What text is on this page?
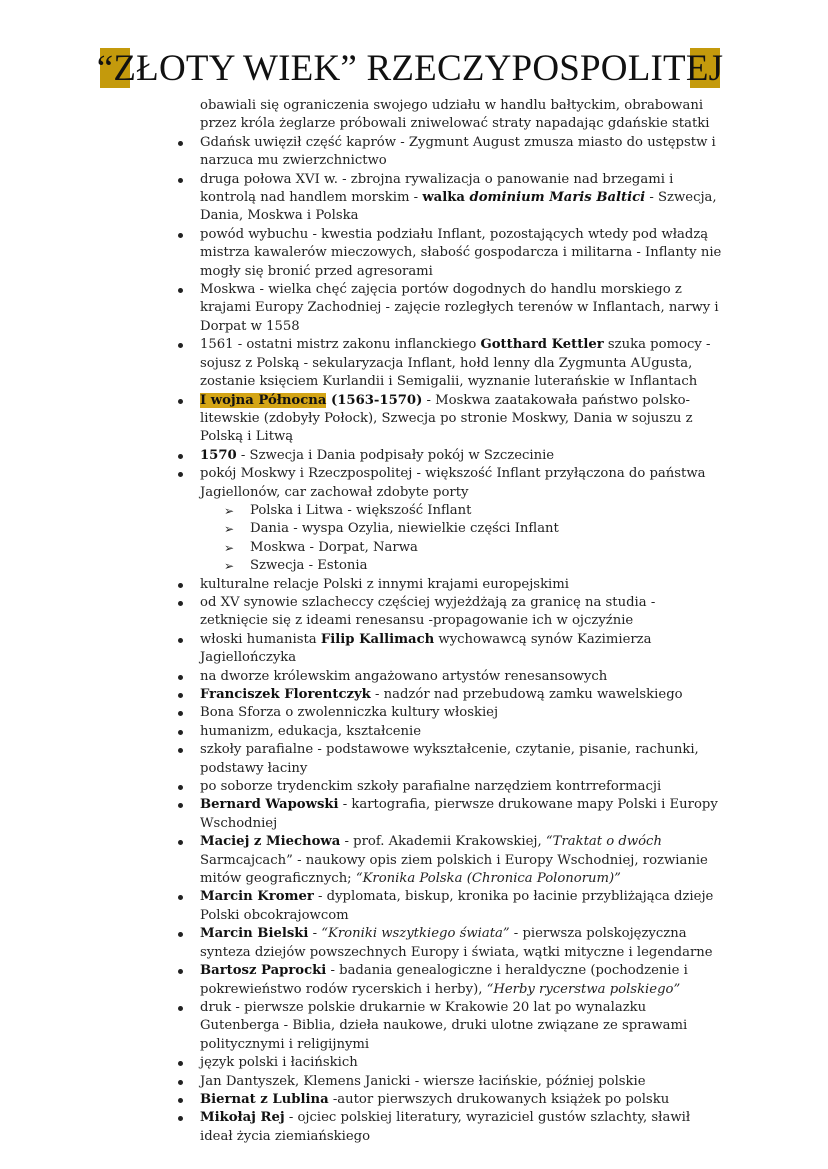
“ZŁOTY WIEK” RZECZYPOSPOLITEJ
obawiali się ograniczenia swojego udziału w handlu bałtyckim, obrabowani przez króla żeglarze próbowali zniwelować straty napadając gdańskie statki
Gdańsk uwięził część kaprów - Zygmunt August zmusza miasto do ustępstw i narzuca mu zwierzchnictwo
druga połowa XVI w. - zbrojna rywalizacja o panowanie nad brzegami i kontrolą nad handlem morskim - walka dominium Maris Baltici - Szwecja, Dania, Moskwa i Polska
powód wybuchu - kwestia podziału Inflant, pozostających wtedy pod władzą mistrza kawalerów mieczowych, słabość gospodarcza i militarna - Inflanty nie mogły się bronić przed agresorami
Moskwa - wielka chęć zajęcia portów dogodnych do handlu morskiego z krajami Europy Zachodniej - zajęcie rozległych terenów w Inflantach, narwy i Dorpat w 1558
1561 - ostatni mistrz zakonu inflanckiego Gotthard Kettler szuka pomocy - sojusz z Polską - sekularyzacja Inflant, hołd lenny dla Zygmunta AUgusta, zostanie księciem Kurlandii i Semigalii, wyznanie luterańskie w Inflantach
I wojna Północna (1563-1570) - Moskwa zaatakowała państwo polsko-litewskie (zdobyły Połock), Szwecja po stronie Moskwy, Dania w sojuszu z Polską i Litwą
1570 - Szwecja i Dania podpisały pokój w Szczecinie
pokój Moskwy i Rzeczpospolitej - większość Inflant przyłączona do państwa Jagiellonów, car zachował zdobyte porty
➢ Polska i Litwa - większość Inflant
➢ Dania - wyspa Ozylia, niewielkie części Inflant
➢ Moskwa - Dorpat, Narwa
➢ Szwecja - Estonia
kulturalne relacje Polski z innymi krajami europejskimi
od XV synowie szlacheccy częściej wyjeżdżają za granicę na studia - zetknięcie się z ideami renesansu -propagowanie ich w ojczyźnie
włoski humanista Filip Kallimach wychowawcą synów Kazimierza Jagiellończyka
na dworze królewskim angażowano artystów renesansowych
Franciszek Florentczyk - nadzór nad przebudową zamku wawelskiego
Bona Sforza o zwolenniczka kultury włoskiej
humanizm, edukacja, kształcenie
szkoły parafialne - podstawowe wykształcenie, czytanie, pisanie, rachunki, podstawy łaciny
po soborze trydenckim szkoły parafialne narzędziem kontrreformacji
Bernard Wapowski - kartografia, pierwsze drukowane mapy Polski i Europy Wschodniej
Maciej z Miechowa - prof. Akademii Krakowskiej, “Traktat o dwóch Sarmcajcach” - naukowy opis ziem polskich i Europy Wschodniej, rozwianie mitów geograficznych; “Kronika Polska (Chronica Polonorum)”
Marcin Kromer - dyplomata, biskup, kronika po łacinie przybliżająca dzieje Polski obcokrajowcom
Marcin Bielski - “Kroniki wszytkiego świata” - pierwsza polskojęzyczna synteza dziejów powszechnych Europy i świata, wątki mityczne i legendarne
Bartosz Paprocki - badania genealogiczne i heraldyczne (pochodzenie i pokrewieństwo rodów rycerskich i herby), “Herby rycerstwa polskiego”
druk - pierwsze polskie drukarnie w Krakowie 20 lat po wynalazku Gutenberga - Biblia, dzieła naukowe, druki ulotne związane ze sprawami politycznymi i religijnymi
język polski i łacińskich
Jan Dantyszek, Klemens Janicki - wiersze łacińskie, później polskie
Biernat z Lublina -autor pierwszych drukowanych książek po polsku
Mikołaj Rej - ojciec polskiej literatury, wyraziciel gustów szlachty, sławił ideał życia ziemiańskiego
